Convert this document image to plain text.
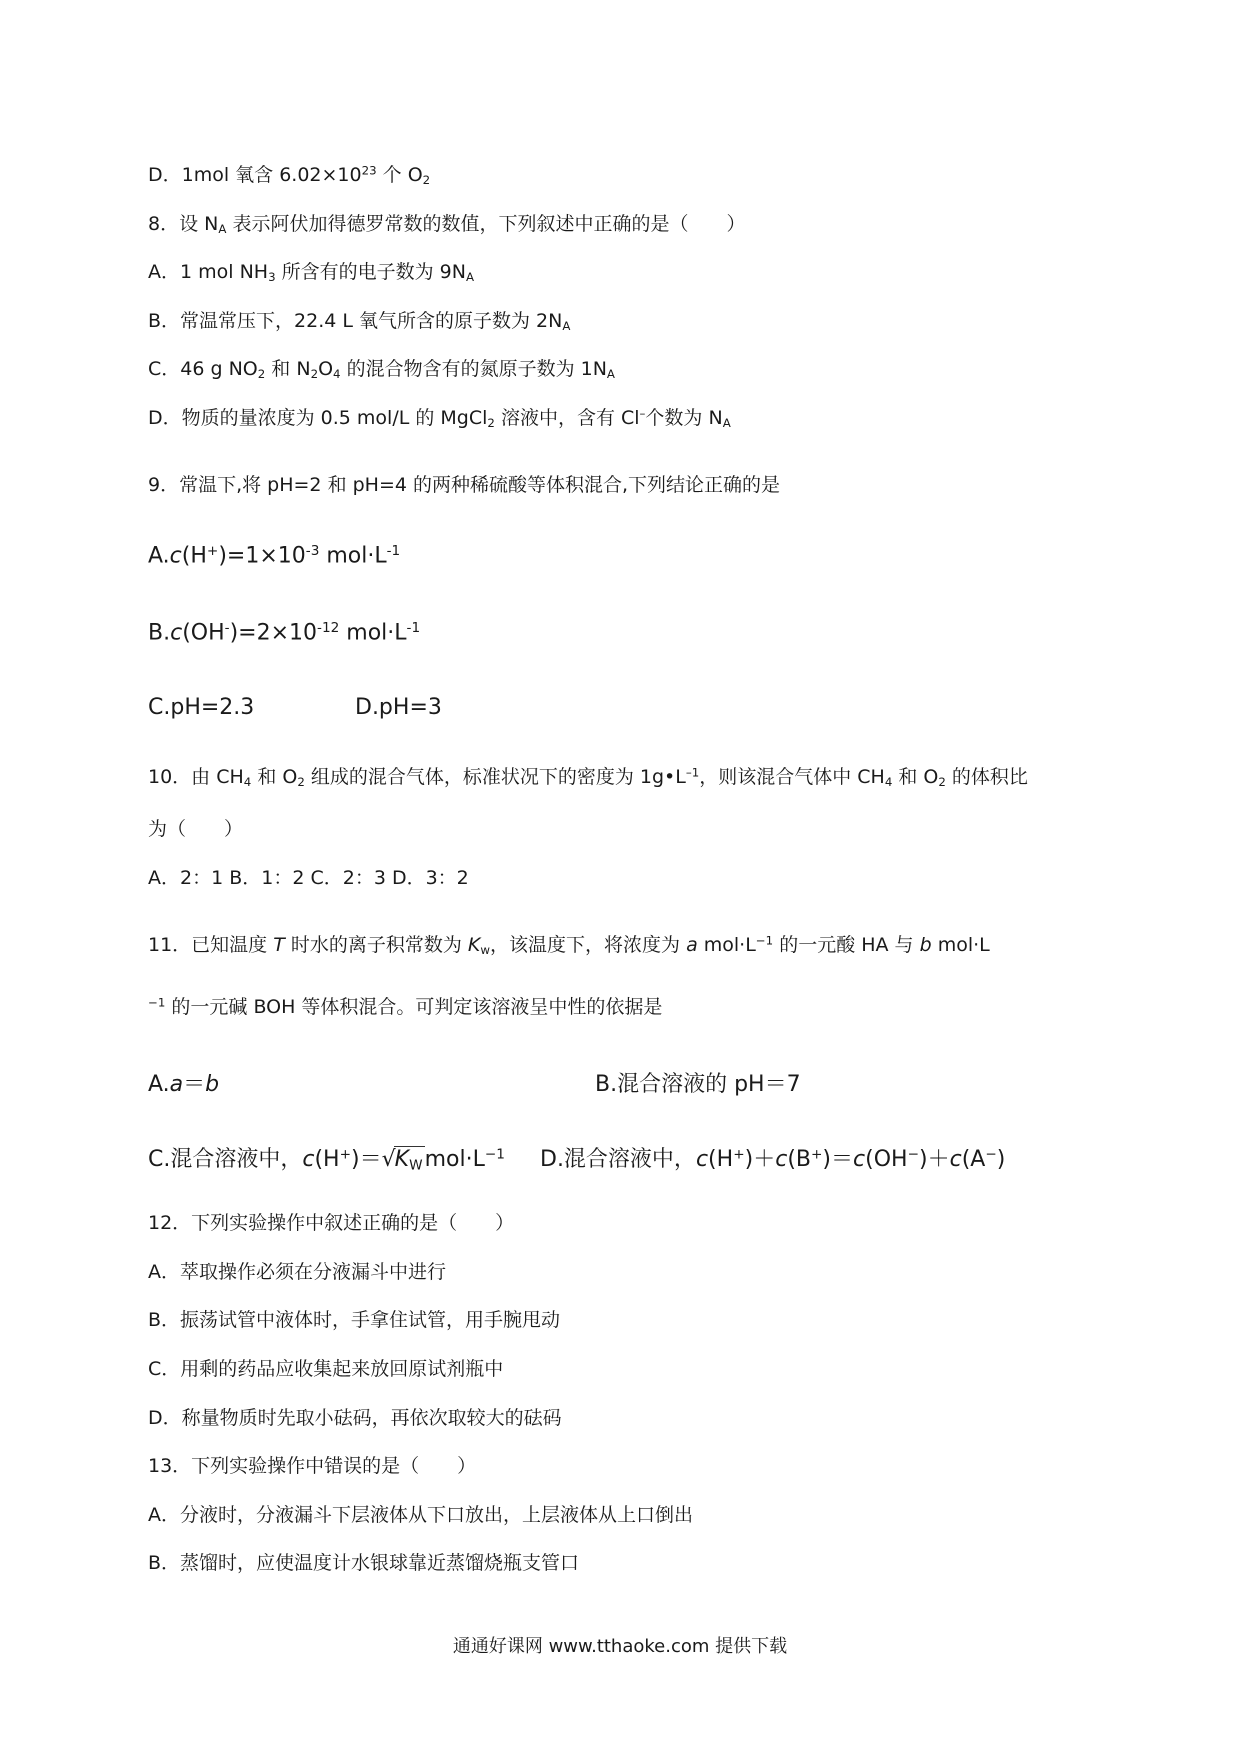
D．1mol 氧含 $6.02\times 10^{23}$ 个 $O_2$
8．设 $N_A$ 表示阿伏加得德罗常数的数值，下列叙述中正确的是（　　）
A．1 mol $NH_3$ 所含有的电子数为 $9N_A$
B．常温常压下，22.4 L 氧气所含的原子数为 $2N_A$
C．46 g $NO_2$ 和 $N_2O_4$ 的混合物含有的氮原子数为 $1N_A$
D．物质的量浓度为 0.5 mol/L 的 MgCl$_2$ 溶液中，含有 Cl–个数为 $N_A$
9．常温下,将 pH=2 和 pH=4 的两种稀硫酸等体积混合,下列结论正确的是
$A.c(H^+)=1\times 10^{-3}$ $mol\cdot L^{-1}$
$B.c(OH^-)=2\times 10^{-12}$ $mol\cdot L^{-1}$
C.pH=2.3	D.pH=3
10．由 $CH_4$ 和 $O_2$ 组成的混合气体，标准状况下的密度为 $1g•L^{-1}$，则该混合气体中 $CH_4$ 和 $O_2$ 的体积比
为（　　）
A．2：1 B．1：2 C．2：3 D．3：2
11．已知温度 T 时水的离子积常数为 $K_w$，该温度下，将浓度为 a $mol\cdot L^{-1}$ 的一元酸 HA 与 b mol·L
$^{-1}$ 的一元碱 BOH 等体积混合。可判定该溶液呈中性的依据是
A.a＝b	B.混合溶液的 pH＝7
C.混合溶液中，$c(H^+)=√K_Wmol\cdot L^{-1}$ D.混合溶液中，c(H+)＋c(B+)＝c(OH−)＋c(A−)
12．下列实验操作中叙述正确的是（　　）
A．萃取操作必须在分液漏斗中进行
B．振荡试管中液体时，手拿住试管，用手腕甩动
C．用剩的药品应收集起来放回原试剂瓶中
D．称量物质时先取小砝码，再依次取较大的砝码
13．下列实验操作中错误的是（　　）
A．分液时，分液漏斗下层液体从下口放出，上层液体从上口倒出
B．蒸馏时，应使温度计水银球靠近蒸馏烧瓶支管口
通通好课网 www.tthaoke.com 提供下载
